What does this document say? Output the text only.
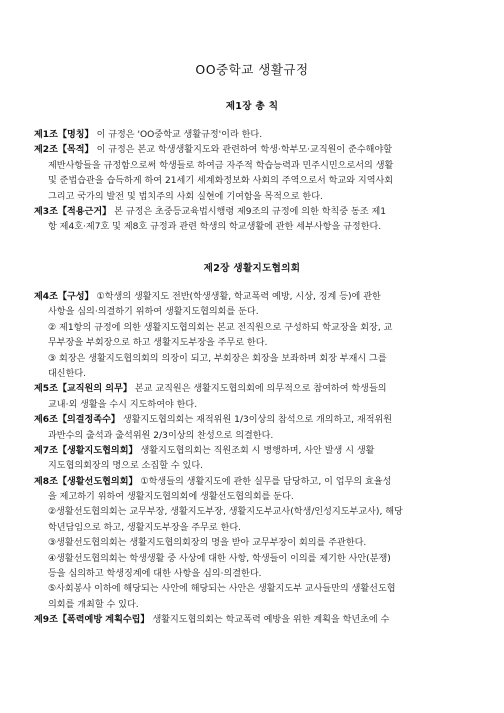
OO중학교 생활규정
제1장 총 칙
제1조【명칭】 이 규정은 'OO중학교 생활규정'이라 한다.
제2조【목적】 이 규정은 본교 학생생활지도와 관련하여 학생·학부모·교직원이 준수해야할
제반사항들을 규정함으로써 학생들로 하여금 자주적 학습능력과 민주시민으로서의 생활
및 준법습관을 습득하게 하여 21세기 세계화정보화 사회의 주역으로서 학교와 지역사회
그리고 국가의 발전 및 법치주의 사회 실현에 기여함을 목적으로 한다.
제3조【적용근거】 본 규정은 초중등교육법시행령 제9조의 규정에 의한 학칙중 동조 제1
항 제4호·제7호 및 제8호 규정과 관련 학생의 학교생활에 관한 세부사항을 규정한다.
제2장 생활지도협의회
제4조【구성】 ①학생의 생활지도 전반(학생생활, 학교폭력 예방, 시상, 징계 등)에 관한
사항을 심의·의결하기 위하여 생활지도협의회를 둔다.
② 제1항의 규정에 의한 생활지도협의회는 본교 전직원으로 구성하되 학교장을 회장, 교
무부장을 부회장으로 하고 생활지도부장을 주무로 한다.
③ 회장은 생활지도협의회의 의장이 되고, 부회장은 회장을 보좌하며 회장 부재시 그를
대신한다.
제5조【교직원의 의무】 본교 교직원은 생활지도협의회에 의무적으로 참여하여 학생들의
교내·외 생활을 수시 지도하여야 한다.
제6조【의결정족수】 생활지도협의회는 재적위원 1/3이상의 참석으로 개의하고, 재적위원
과반수의 출석과 출석위원 2/3이상의 찬성으로 의결한다.
제7조【생활지도협의회】 생활지도협의회는 직원조회 시 병행하며, 사안 발생 시 생활
지도협의회장의 명으로 소집할 수 있다.
제8조【생활선도협의회】 ①학생들의 생활지도에 관한 실무를 담당하고, 이 업무의 효율성
을 제고하기 위하여 생활지도협의회에 생활선도협의회를 둔다.
②생활선도협의회는 교무부장, 생활지도부장, 생활지도부교사(학생/인성지도부교사), 해당
학년담임으로 하고, 생활지도부장을 주무로 한다.
③생활선도협의회는 생활지도협의회장의 명을 받아 교무부장이 회의를 주관한다.
④생활선도협의회는 학생생활 중 사상에 대한 사항, 학생들이 이의를 제기한 사안(분쟁)
등을 심의하고 학생징계에 대한 사항을 심의·의결한다.
⑤사회봉사 이하에 해당되는 사안에 해당되는 사안은 생활지도부 교사들만의 생활선도협
의회를 개최할 수 있다.
제9조【폭력예방 계획수립】 생활지도협의회는 학교폭력 예방을 위한 계획을 학년초에 수
